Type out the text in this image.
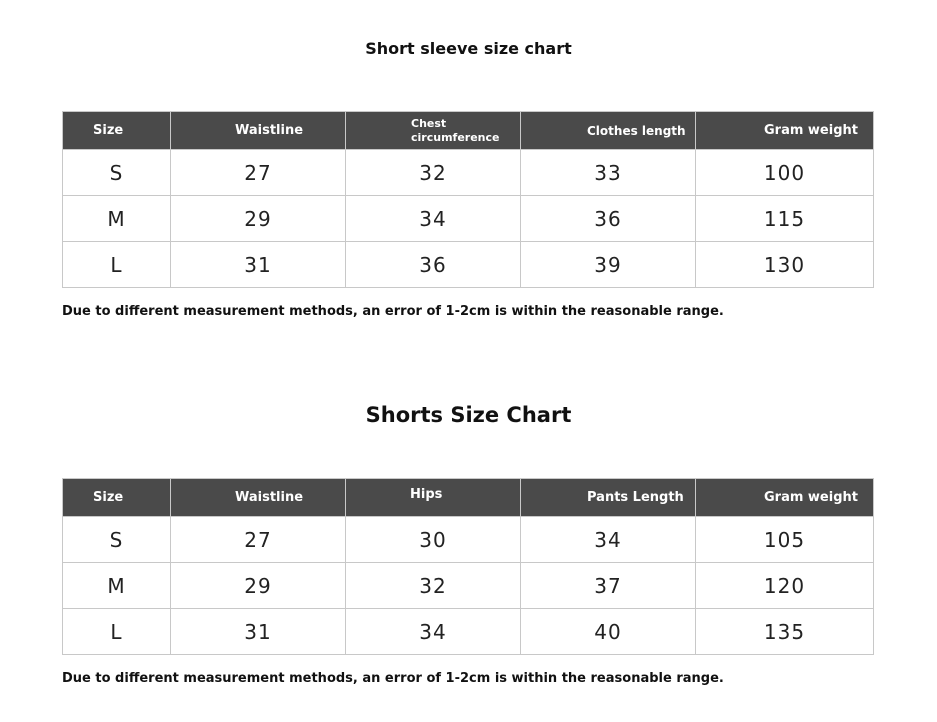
Short sleeve size chart
Size	Waistline	Chest circumference	Clothes length	Gram weight

S	27	32	33	100
M	29	34	36	115
L	31	36	39	130
Due to different measurement methods, an error of 1-2cm is within the reasonable range.
Shorts Size Chart
Size	Waistline	Hips	Pants Length	Gram weight

S	27	30	34	105
M	29	32	37	120
L	31	34	40	135
Due to different measurement methods, an error of 1-2cm is within the reasonable range.
